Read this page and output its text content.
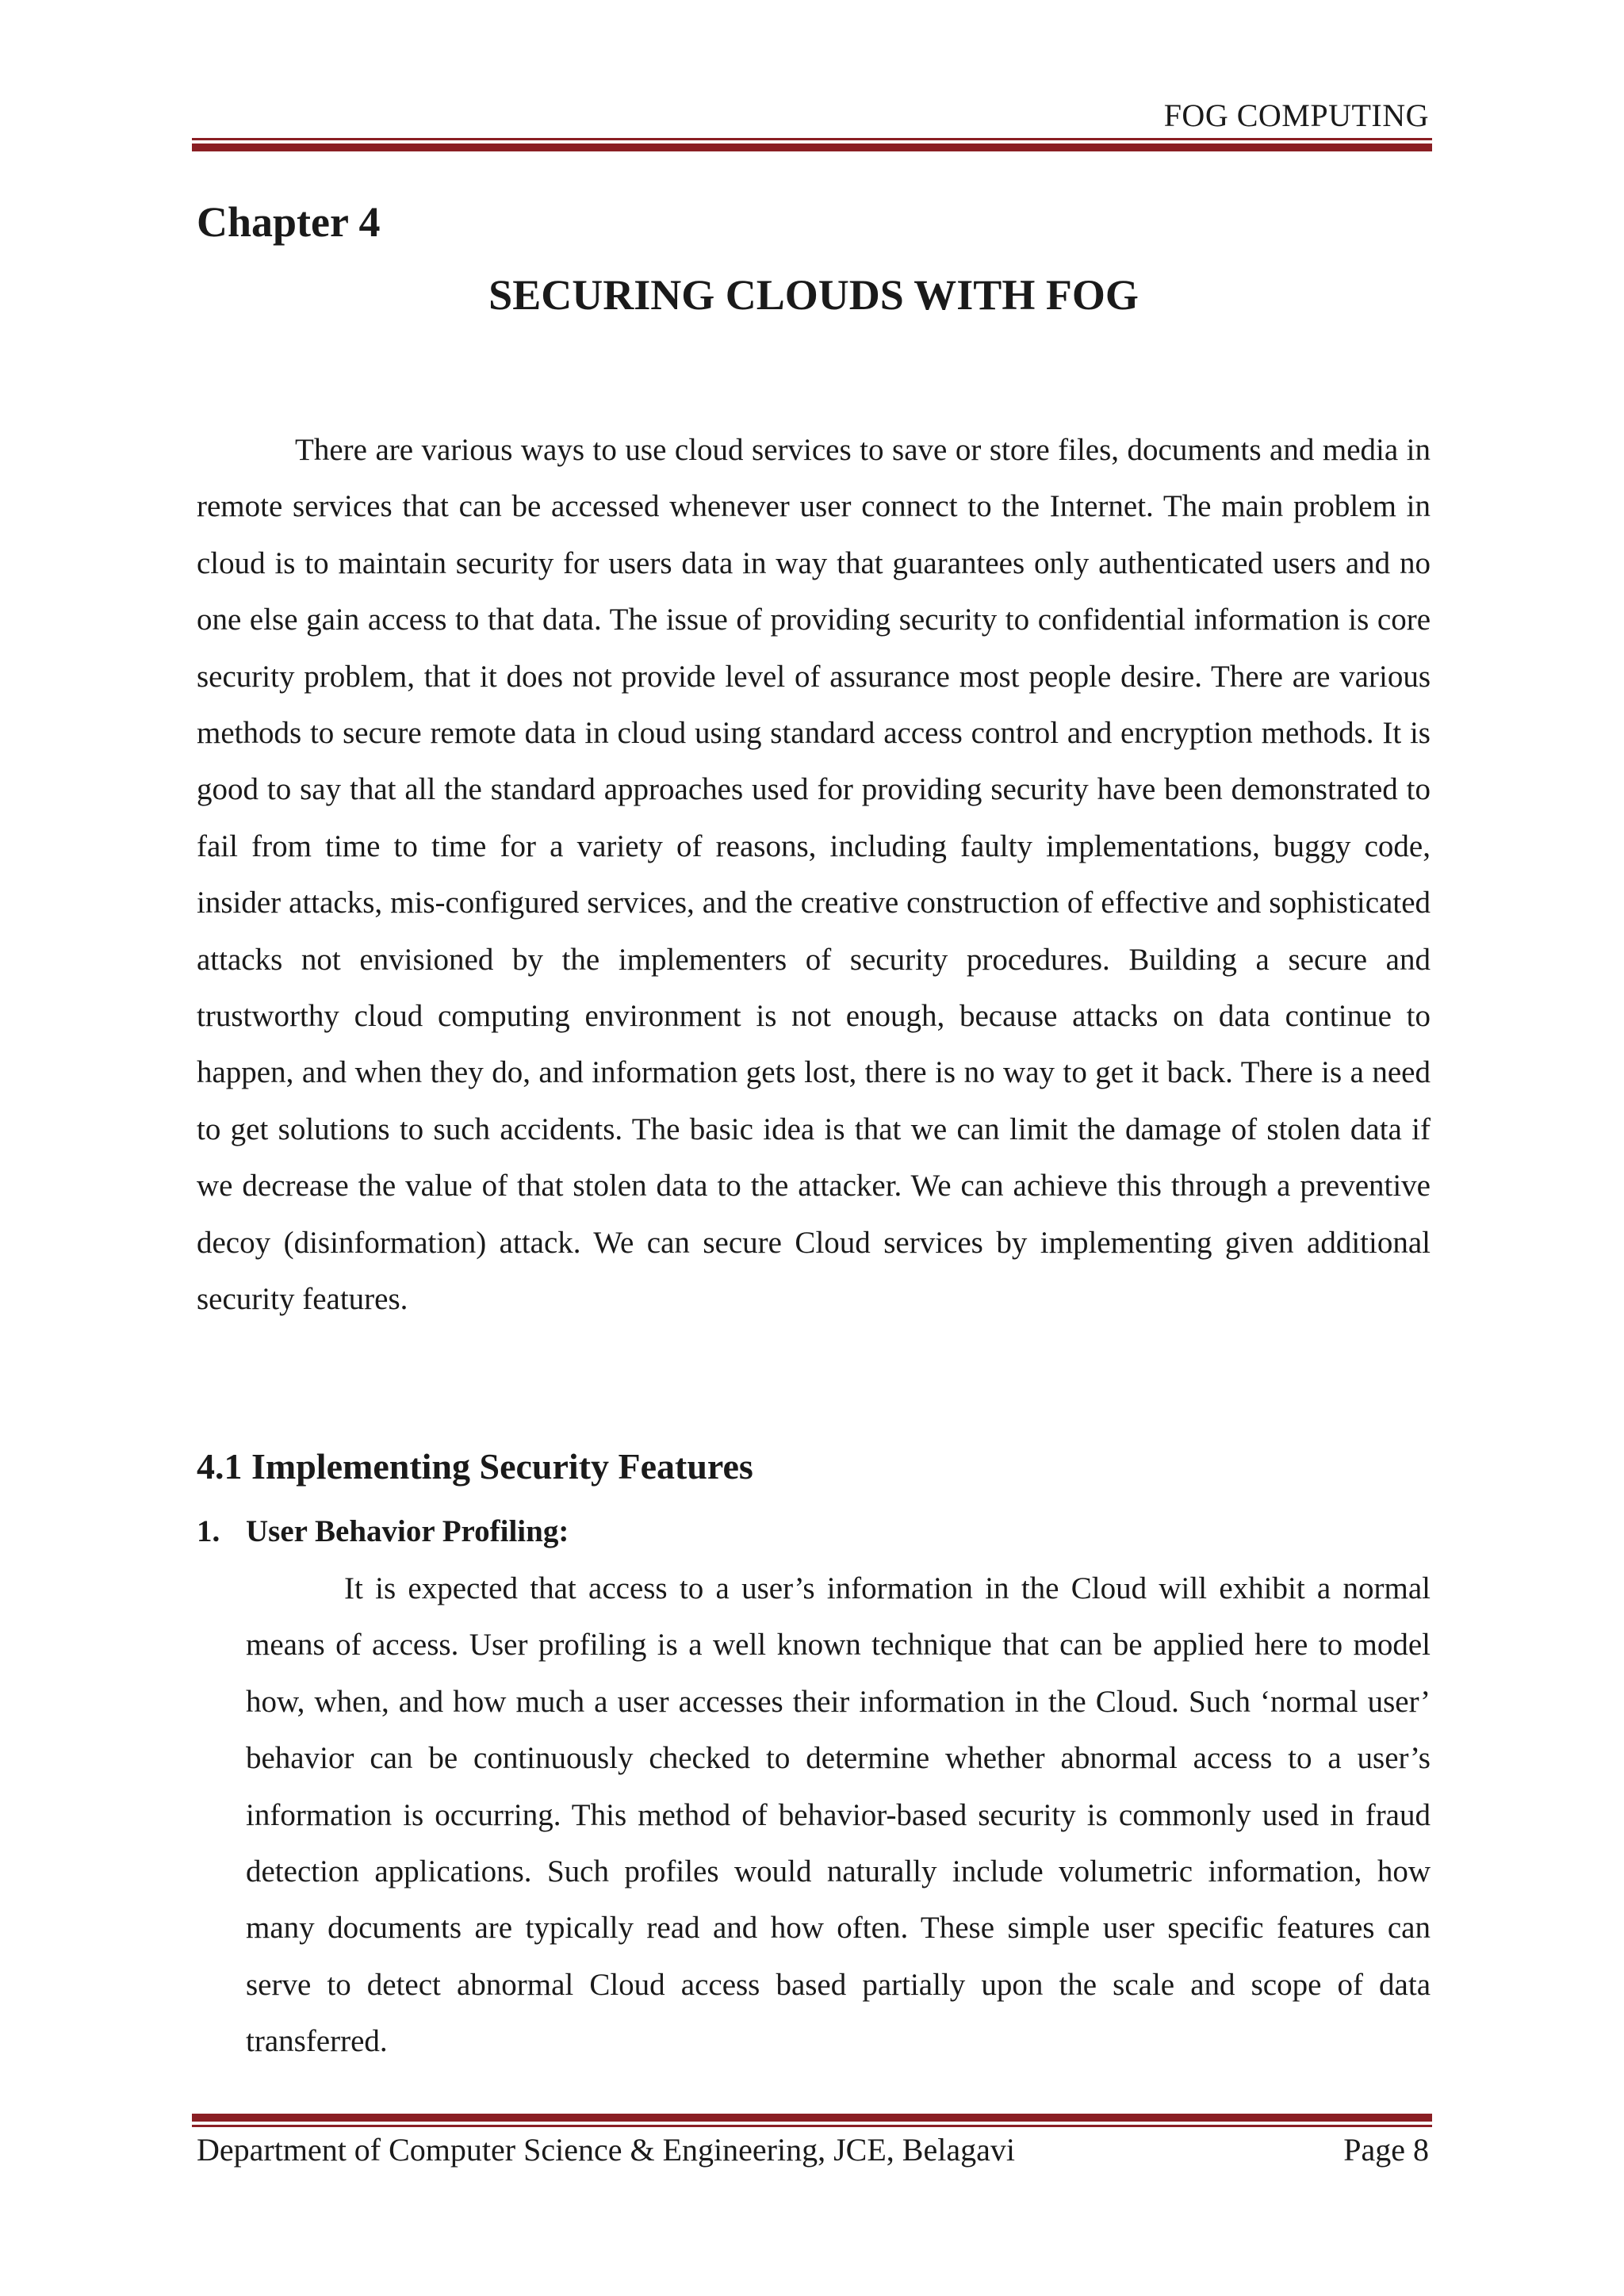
FOG COMPUTING
Chapter 4
SECURING CLOUDS WITH FOG

There are various ways to use cloud services to save or store files, documents and media in remote services that can be accessed whenever user connect to the Internet. The main problem in cloud is to maintain security for users data in way that guarantees only authenticated users and no one else gain access to that data. The issue of providing security to confidential information is core security problem, that it does not provide level of assurance most people desire. There are various methods to secure remote data in cloud using standard access control and encryption methods. It is good to say that all the standard approaches used for providing security have been demonstrated to fail from time to time for a variety of reasons, including faulty implementations, buggy code, insider attacks, mis-configured services, and the creative construction of effective and sophisticated attacks not envisioned by the implementers of security procedures. Building a secure and trustworthy cloud computing environment is not enough, because attacks on data continue to happen, and when they do, and information gets lost, there is no way to get it back. There is a need to get solutions to such accidents. The basic idea is that we can limit the damage of stolen data if we decrease the value of that stolen data to the attacker. We can achieve this through a preventive decoy (disinformation) attack. We can secure Cloud services by implementing given additional security features.

4.1 Implementing Security Features
1. User Behavior Profiling:

It is expected that access to a user’s information in the Cloud will exhibit a normal means of access. User profiling is a well known technique that can be applied here to model how, when, and how much a user accesses their information in the Cloud. Such ‘normal user’ behavior can be continuously checked to determine whether abnormal access to a user’s information is occurring. This method of behavior-based security is commonly used in fraud detection applications. Such profiles would naturally include volumetric information, how many documents are typically read and how often. These simple user specific features can serve to detect abnormal Cloud access based partially upon the scale and scope of data transferred.

Department of Computer Science & Engineering, JCE, Belagavi	Page 8
